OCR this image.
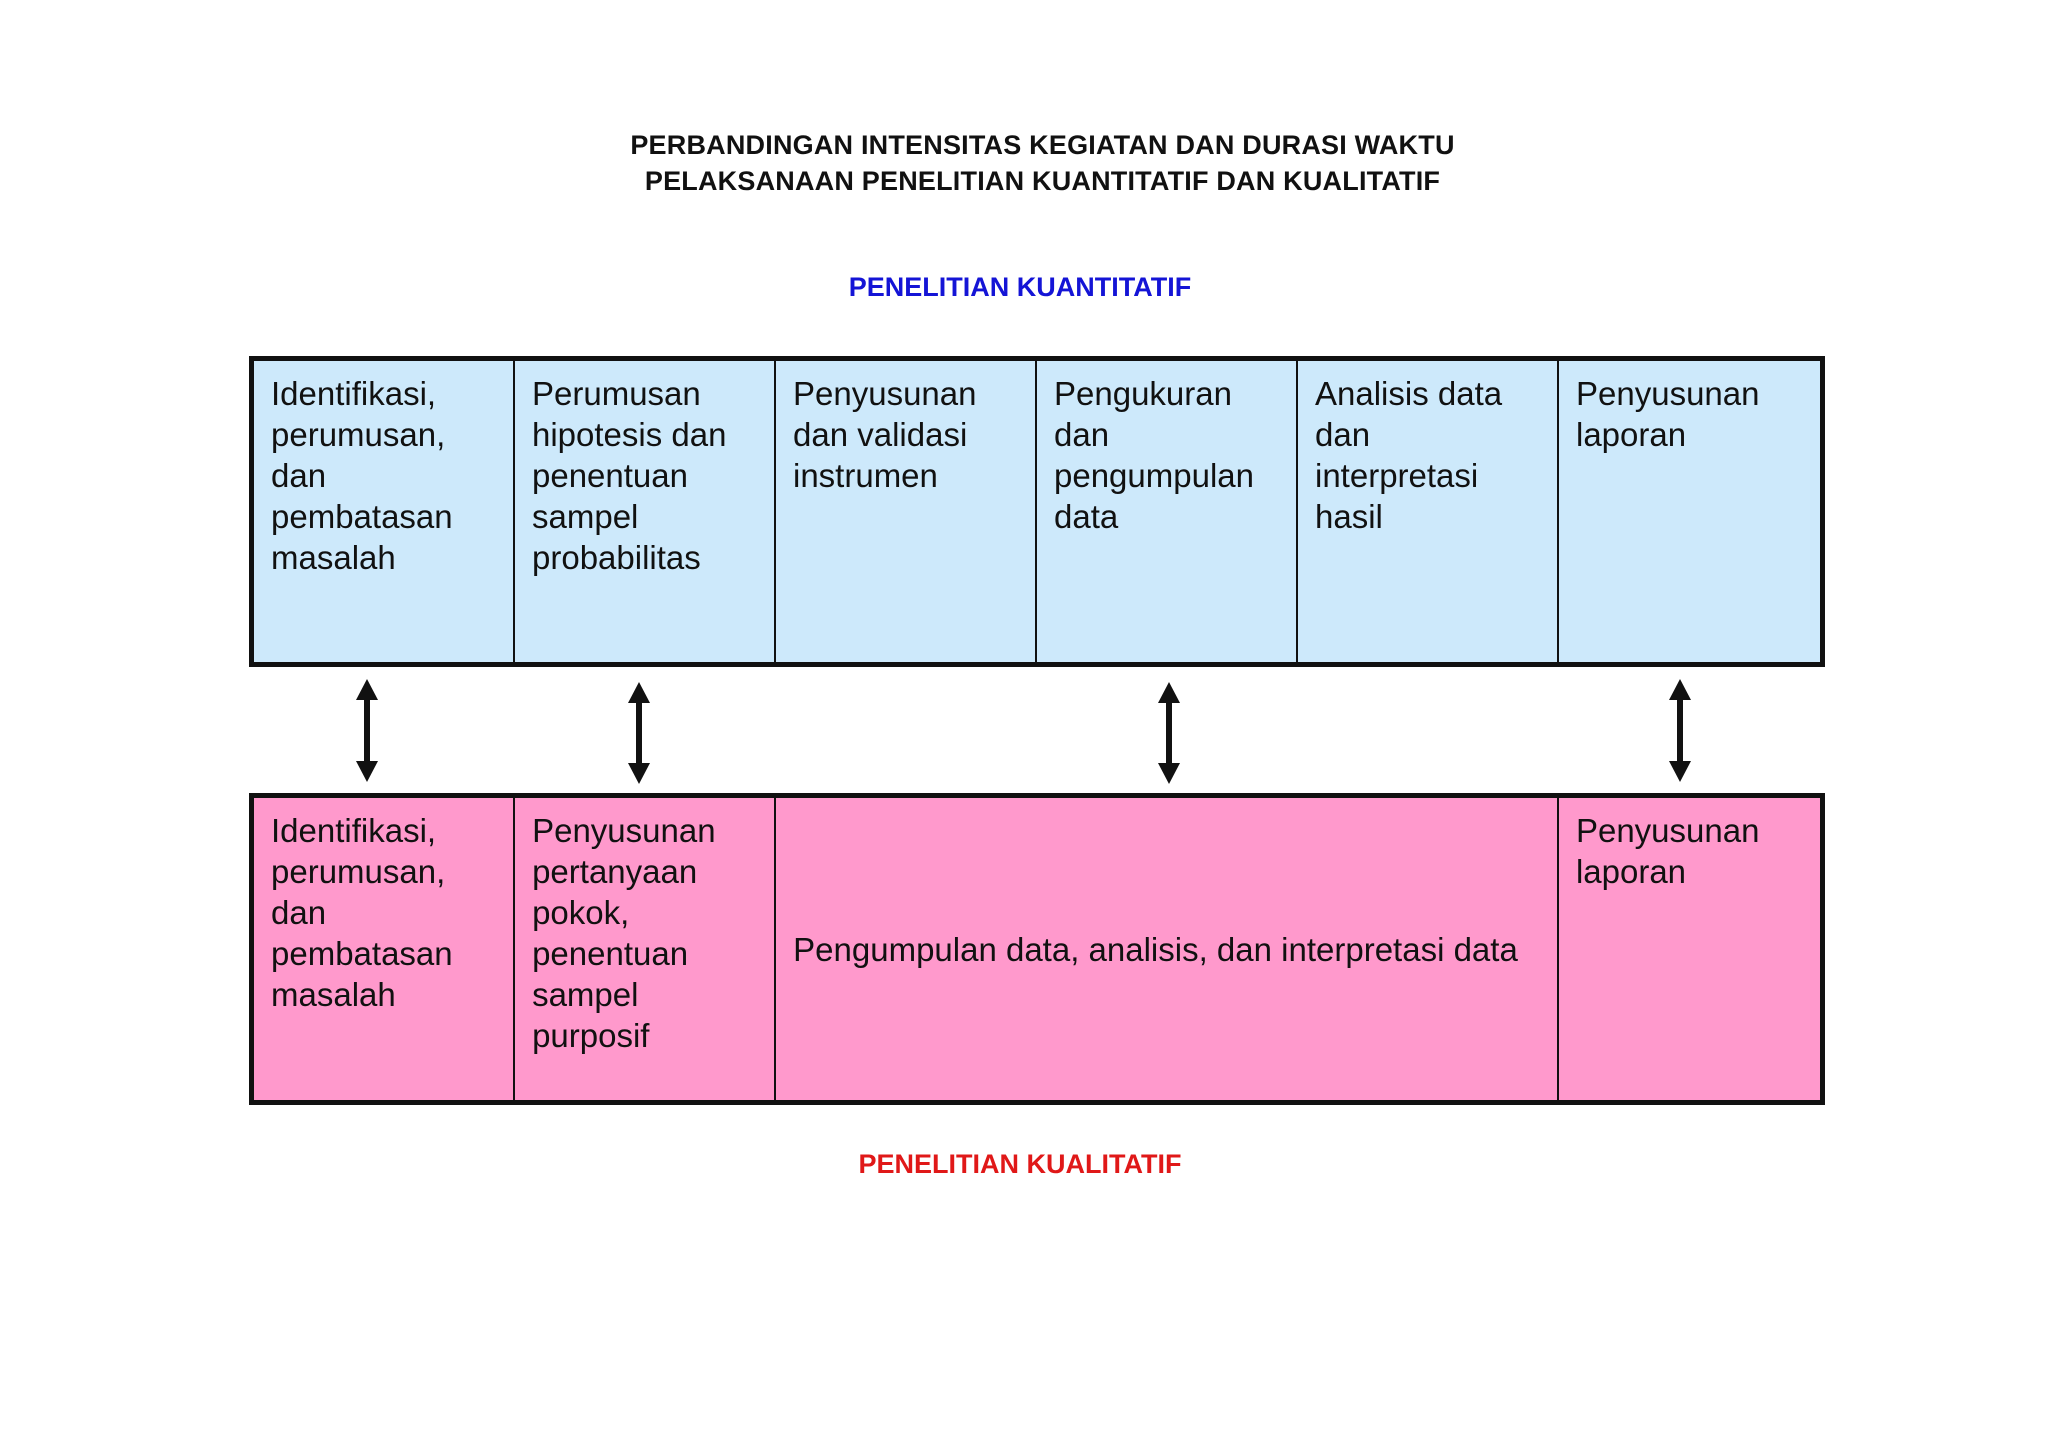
PERBANDINGAN INTENSITAS KEGIATAN DAN DURASI WAKTU
PELAKSANAAN PENELITIAN KUANTITATIF DAN KUALITATIF
PENELITIAN KUANTITATIF
Identifikasi,
perumusan,
dan
pembatasan
masalah
Perumusan
hipotesis dan
penentuan
sampel
probabilitas
Penyusunan
dan validasi
instrumen
Pengukuran
dan
pengumpulan
data
Analisis data
dan
interpretasi
hasil
Penyusunan
laporan
Identifikasi,
perumusan,
dan
pembatasan
masalah
Penyusunan
pertanyaan
pokok,
penentuan
sampel
purposif
Pengumpulan data, analisis, dan interpretasi data
Penyusunan
laporan
PENELITIAN KUALITATIF
